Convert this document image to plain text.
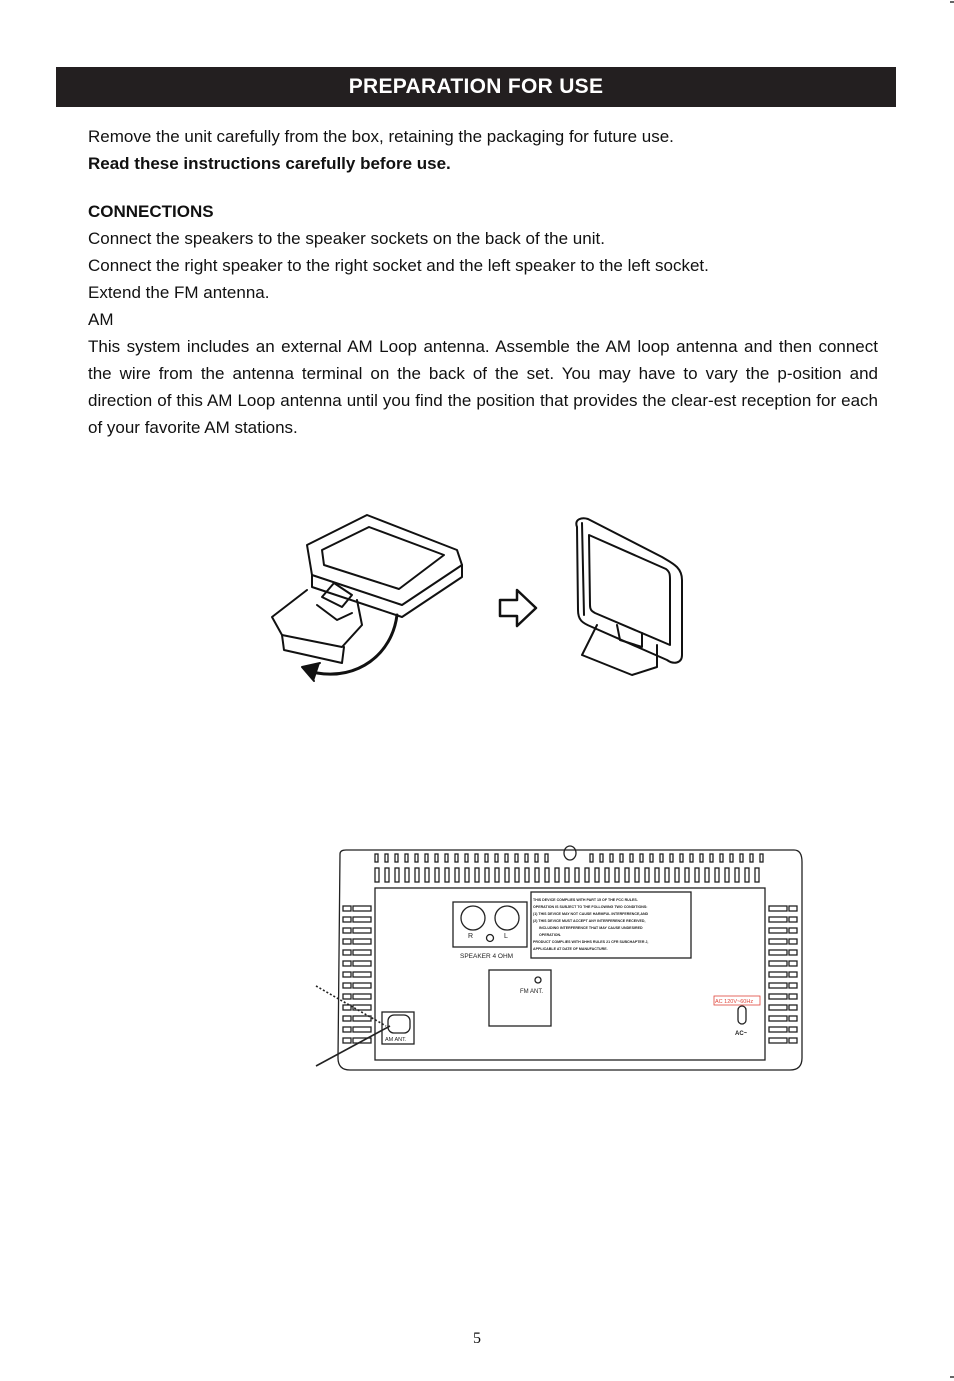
PREPARATION FOR USE

Remove the unit carefully from the box, retaining the packaging for future use.

Read these instructions carefully before use.

CONNECTIONS

Connect the speakers to the speaker sockets on the back of the unit.

Connect the right speaker to the right socket and the left speaker to the left socket.

Extend the FM antenna.

AM

This system includes an external AM Loop antenna. Assemble the AM loop antenna and then connect the wire from the antenna terminal on the back of the set. You may have to vary the p-osition and direction of this AM Loop antenna until you find the position that provides the clear-est reception for each of your favorite AM stations.

R	L
SPEAKER 4 OHM
THIS DEVICE COMPLIES WITH PART 15 OF THE FCC RULES.
OPERATION IS SUBJECT TO THE FOLLOWING TWO CONDITIONS:
(1) THIS DEVICE MAY NOT CAUSE HARMFUL INTERFERENCE,AND
(2) THIS DEVICE MUST ACCEPT ANY INTERFERENCE RECEIVED,
INCLUDING INTERFERENCE THAT MAY CAUSE UNDESIRED
OPERATION.
PRODUCT COMPLIES WITH DHHS RULES 21 CFR SUBCHAPTER J,
APPLICABLE AT DATE OF MANUFACTURE.
FM ANT.
AM ANT.
AC 120V~60Hz
AC~
5
